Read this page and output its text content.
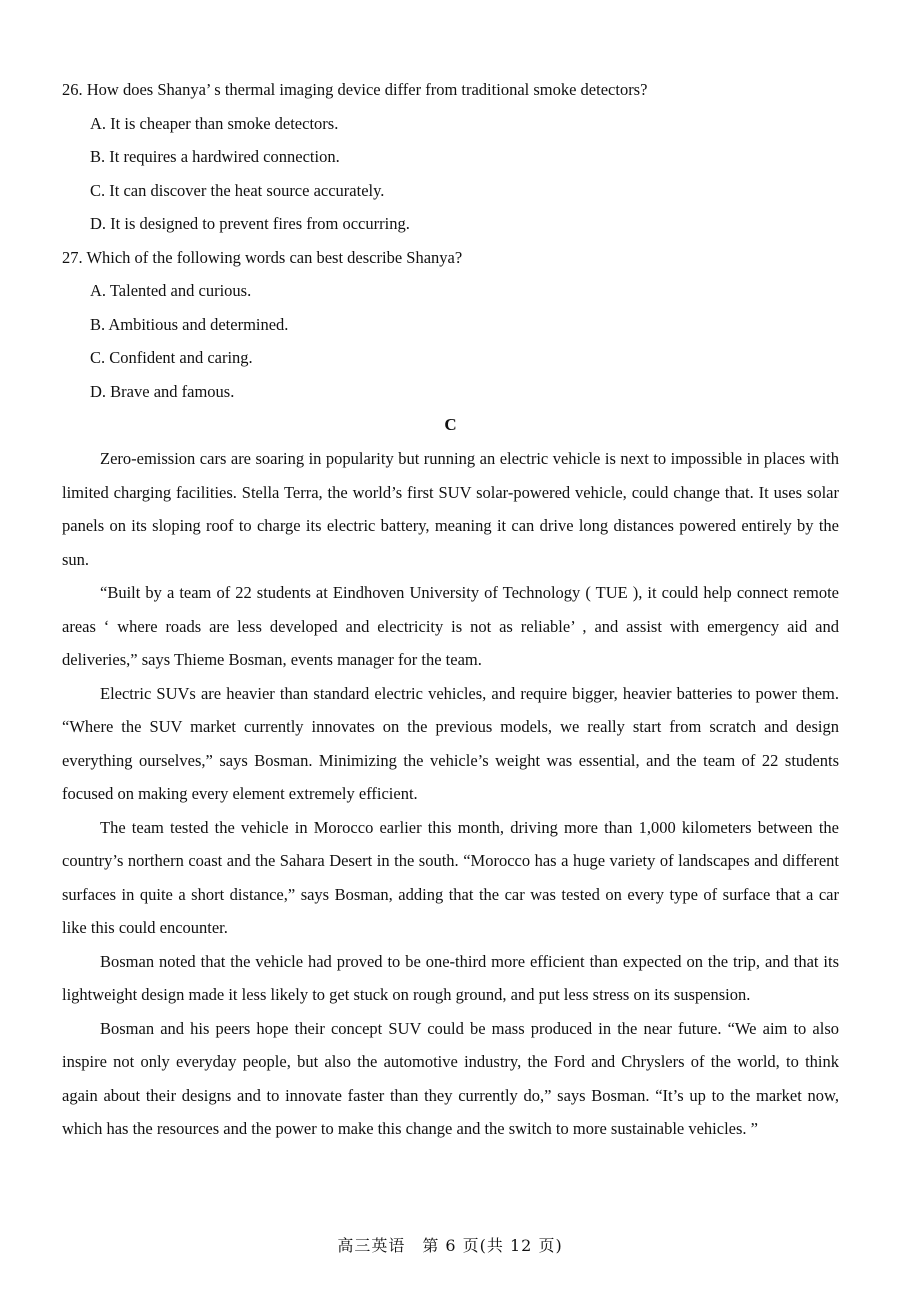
26. How does Shanya’ s thermal imaging device differ from traditional smoke detectors?
A. It is cheaper than smoke detectors.
B. It requires a hardwired connection.
C. It can discover the heat source accurately.
D. It is designed to prevent fires from occurring.
27. Which of the following words can best describe Shanya?
A. Talented and curious.
B. Ambitious and determined.
C. Confident and caring.
D. Brave and famous.
C

Zero-emission cars are soaring in popularity but running an electric vehicle is next to impossible in places with limited charging facilities. Stella Terra, the world’s first SUV solar-powered vehicle, could change that. It uses solar panels on its sloping roof to charge its electric battery, meaning it can drive long distances powered entirely by the sun.

“Built by a team of 22 students at Eindhoven University of Technology ( TUE ), it could help connect remote areas ‘ where roads are less developed and electricity is not as reliable’ , and assist with emergency aid and deliveries,” says Thieme Bosman, events manager for the team.

Electric SUVs are heavier than standard electric vehicles, and require bigger, heavier batteries to power them. “Where the SUV market currently innovates on the previous models, we really start from scratch and design everything ourselves,” says Bosman. Minimizing the vehicle’s weight was essential, and the team of 22 students focused on making every element extremely efficient.

The team tested the vehicle in Morocco earlier this month, driving more than 1,000 kilometers between the country’s northern coast and the Sahara Desert in the south. “Morocco has a huge variety of landscapes and different surfaces in quite a short distance,” says Bosman, adding that the car was tested on every type of surface that a car like this could encounter.

Bosman noted that the vehicle had proved to be one-third more efficient than expected on the trip, and that its lightweight design made it less likely to get stuck on rough ground, and put less stress on its suspension.

Bosman and his peers hope their concept SUV could be mass produced in the near future. “We aim to also inspire not only everyday people, but also the automotive industry, the Ford and Chryslers of the world, to think again about their designs and to innovate faster than they currently do,” says Bosman. “It’s up to the market now, which has the resources and the power to make this change and the switch to more sustainable vehicles. ”

高三英语　第 6 页(共 12 页)
